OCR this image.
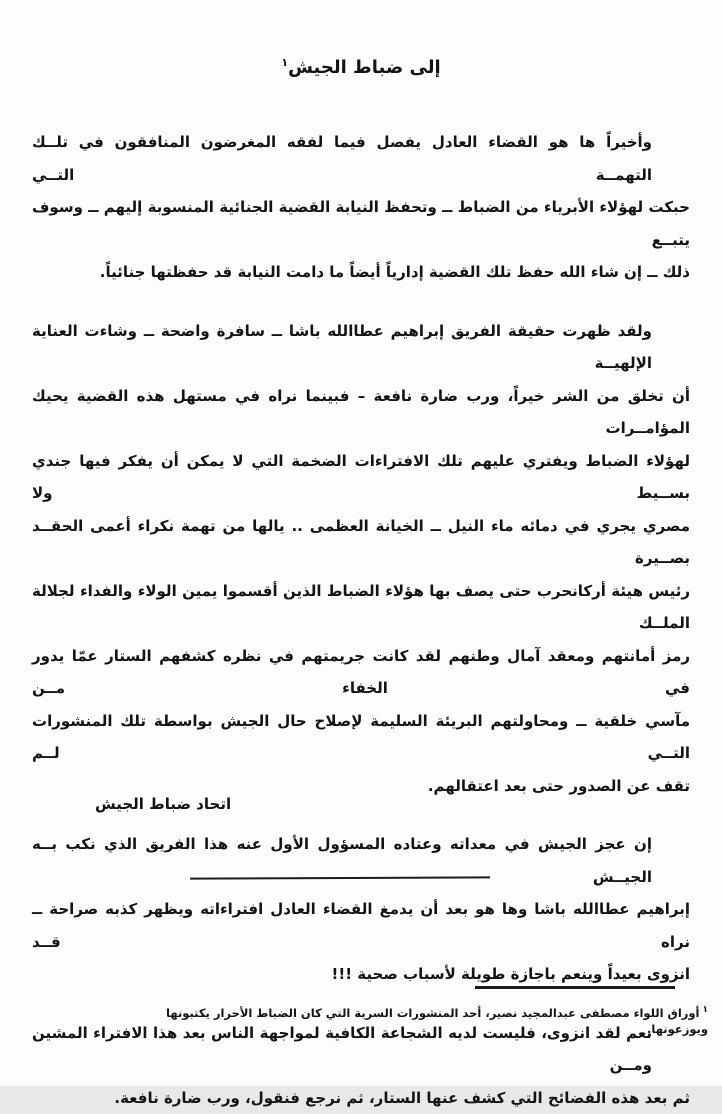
إلى ضباط الجيش$^١$

وأخيراً ها هو القضاء العادل يفصل فيما لفقه المغرضون المنافقون في تلــك التهمــة التــي
حبكت لهؤلاء الأبرياء من الضباط ــ وتحفظ النيابة القضية الجنائية المنسوبة إليهم ــ وسوف يتبــع
ذلك ــ إن شاء الله حفظ تلك القضية إدارياً أيضاً ما دامت النيابة قد حفظتها جنائياً.

ولقد ظهرت حقيقة الفريق إبراهيم عطاالله باشا ــ سافرة واضحة ــ وشاءت العناية الإلهيــة
أن تخلق من الشر خيراً، ورب ضارة نافعة – فبينما نراه في مستهل هذه القضية يحيك المؤامــرات
لهؤلاء الضباط ويفتري عليهم تلك الافتراءات الضخمة التي لا يمكن أن يفكر فيها جندي بســيط ولا
مصري يجري في دمائه ماء النيل ــ الخيانة العظمى .. يالها من تهمة نكراء أعمى الحقــد بصــيرة
رئيس هيئة أركانحرب حتى يصف بها هؤلاء الضباط الذين أقسموا يمين الولاء والفداء لجلالة الملــك
رمز أمانتهم ومعقد آمال وطنهم لقد كانت جريمتهم في نظره كشفهم الستار عمّا يدور في الخفاء مــن
مآسي خلقية ــ ومحاولتهم البريئة السليمة لإصلاح حال الجيش بواسطة تلك المنشورات التــي لــم
تقف عن الصدور حتى بعد اعتقالهم.

إن عجز الجيش في معداته وعتاده المسؤول الأول عنه هذا الفريق الذي نكب بــه الجيــش
إبراهيم عطاالله باشا وها هو بعد أن يدمغ القضاء العادل افتراءاته ويظهر كذبه صراحة ــ نراه قــد
انزوى بعيداً وينعم باجازة طويلة لأسباب صحية !!!

نعم لقد انزوى، فليست لديه الشجاعة الكافية لمواجهة الناس بعد هذا الافتراء المشين ومــن
ثم بعد هذه الفضائح التي كشف عنها الستار، ثم نرجع فنقول، ورب ضارة نافعة.

اتحاد ضباط الجيش
$^١$أوراق اللواء مصطفى عبدالمجيد نصير، أحد المنشورات السرية التي كان الضباط الأحرار يكتبونها ويوزعونها.
